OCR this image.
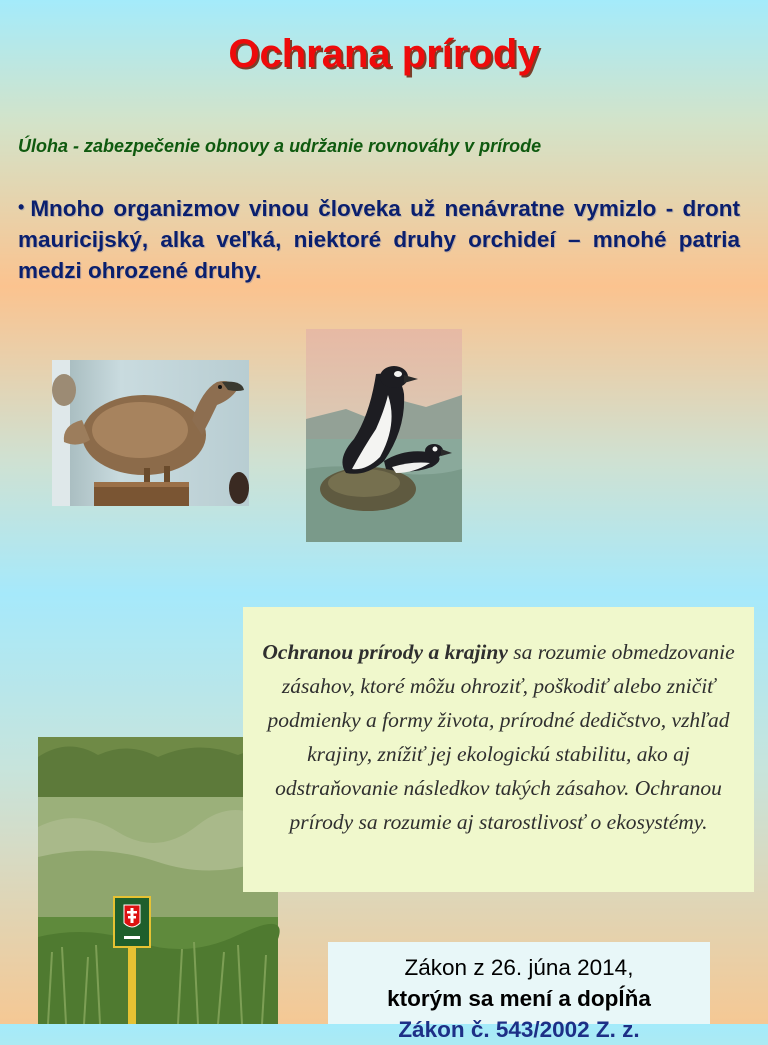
Ochrana prírody

Úloha - zabezpečenie obnovy a udržanie rovnováhy v prírode

• Mnoho organizmov vinou človeka už nenávratne vymizlo - dront mauricijský, alka veľká, niektoré druhy orchideí – mnohé patria medzi ohrozené druhy.

Ochranou prírody a krajiny sa rozumie obmedzovanie zásahov, ktoré môžu ohroziť, poškodiť alebo zničiť podmienky a formy života, prírodné dedičstvo, vzhľad krajiny, znížiť jej ekologickú stabilitu, ako aj odstraňovanie následkov takých zásahov. Ochranou prírody sa rozumie aj starostlivosť o ekosystémy.
Zákon z 26. júna 2014,
ktorým sa mení a dopĺňa
Zákon č. 543/2002 Z. z.
